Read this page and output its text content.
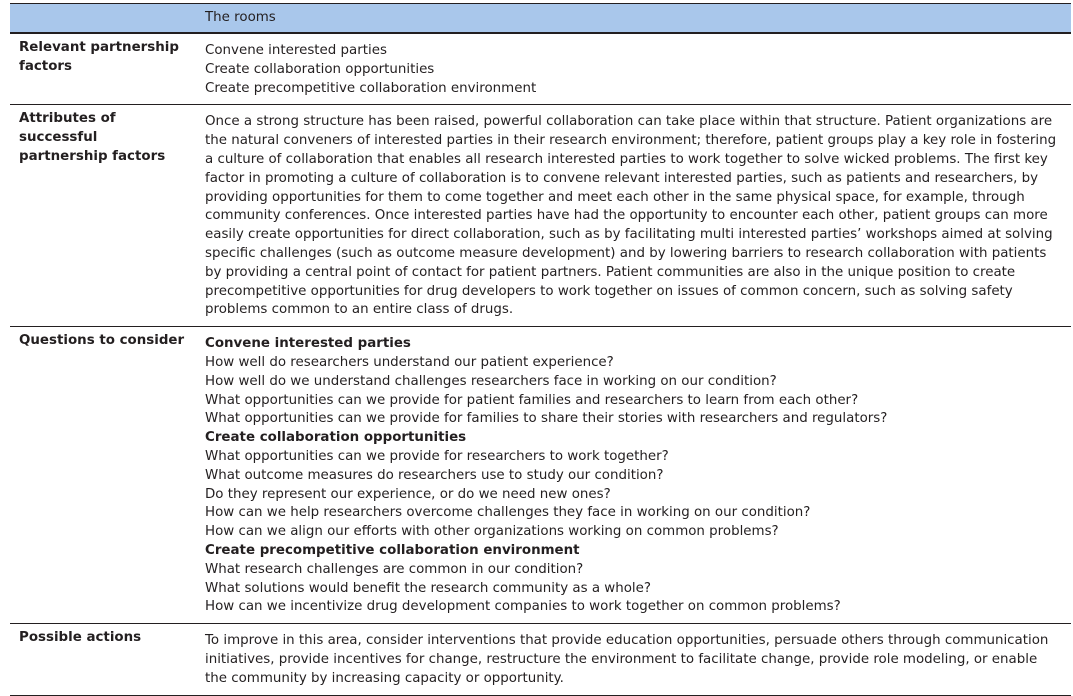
The rooms
Relevant partnership factors
Convene interested parties
Create collaboration opportunities
Create precompetitive collaboration environment
Attributes of successful partnership factors

Once a strong structure has been raised, powerful collaboration can take place within that structure. Patient organizations are the natural conveners of interested parties in their research environment; therefore, patient groups play a key role in fostering a culture of collaboration that enables all research interested parties to work together to solve wicked problems. The first key factor in promoting a culture of collaboration is to convene relevant interested parties, such as patients and researchers, by providing opportunities for them to come together and meet each other in the same physical space, for example, through community conferences. Once interested parties have had the opportunity to encounter each other, patient groups can more easily create opportunities for direct collaboration, such as by facilitating multi interested parties’ workshops aimed at solving specific challenges (such as outcome measure development) and by lowering barriers to research collaboration with patients by providing a central point of contact for patient partners. Patient communities are also in the unique position to create precompetitive opportunities for drug developers to work together on issues of common concern, such as solving safety problems common to an entire class of drugs.

Questions to consider	Convene interested parties
How well do researchers understand our patient experience?
How well do we understand challenges researchers face in working on our condition?
What opportunities can we provide for patient families and researchers to learn from each other?
What opportunities can we provide for families to share their stories with researchers and regulators?
Create collaboration opportunities
What opportunities can we provide for researchers to work together?
What outcome measures do researchers use to study our condition?
Do they represent our experience, or do we need new ones?
How can we help researchers overcome challenges they face in working on our condition?
How can we align our efforts with other organizations working on common problems?
Create precompetitive collaboration environment
What research challenges are common in our condition?
What solutions would benefit the research community as a whole?
How can we incentivize drug development companies to work together on common problems?
Possible actions	To improve in this area, consider interventions that provide education opportunities, persuade others through communication initiatives, provide incentives for change, restructure the environment to facilitate change, provide role modeling, or enable the community by increasing capacity or opportunity.
